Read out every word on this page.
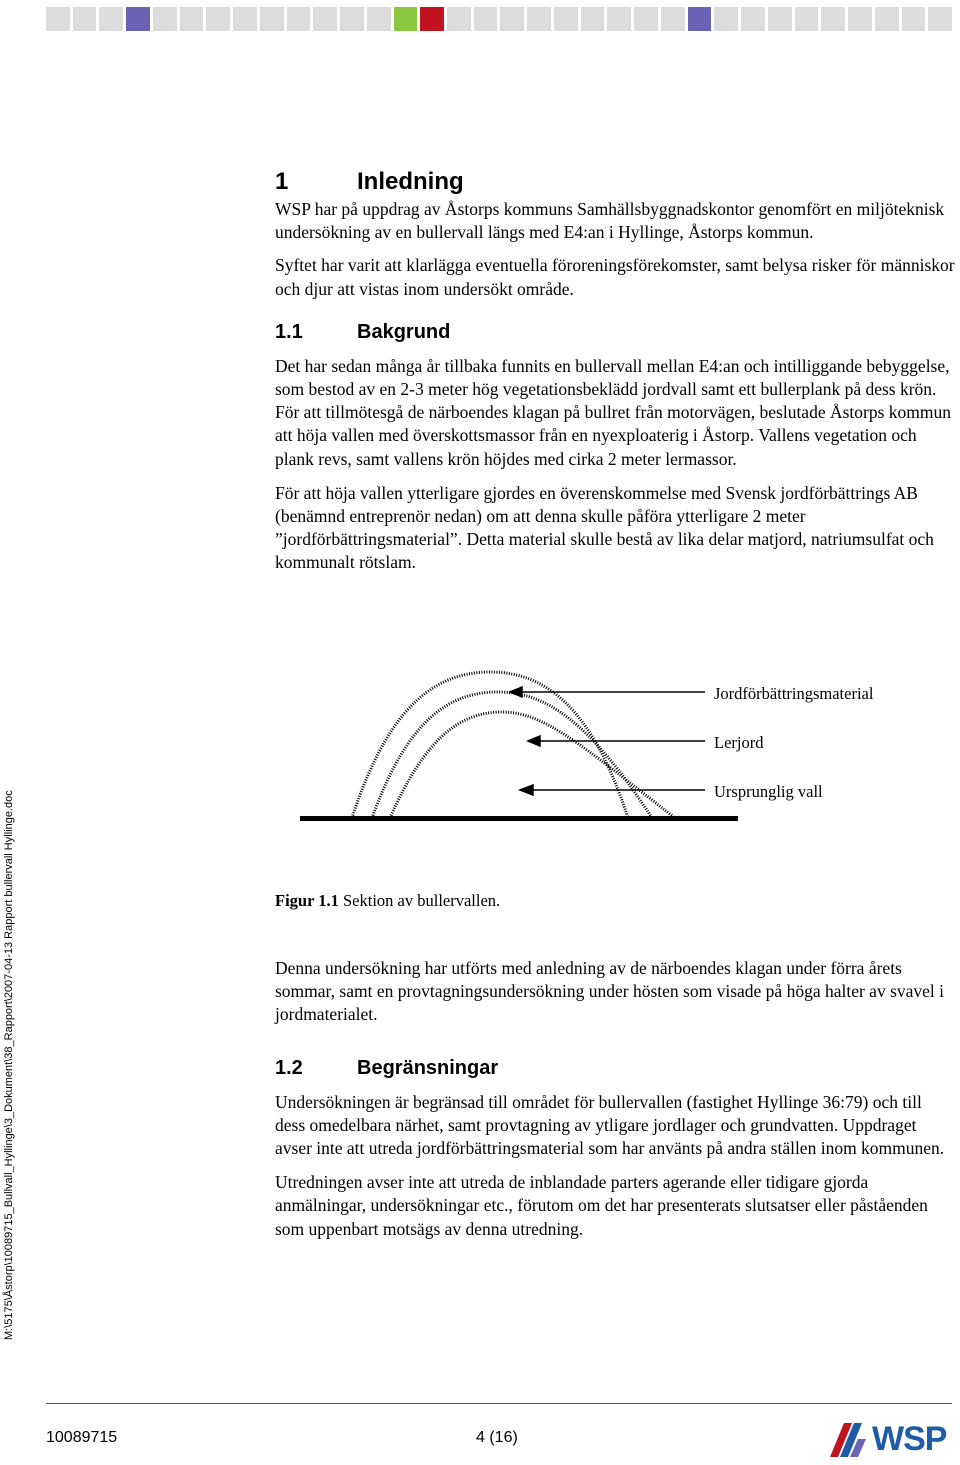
M:\5175\Åstorp\10089715_Bullvall_Hyllinge\3_Dokument\38_Rapport\2007-04-13 Rapport bullervall Hyllinge.doc
1	Inledning

WSP har på uppdrag av Åstorps kommuns Samhällsbyggnadskontor genomfört en miljöteknisk undersökning av en bullervall längs med E4:an i Hyllinge, Åstorps kommun.

Syftet har varit att klarlägga eventuella föroreningsförekomster, samt belysa risker för människor och djur att vistas inom undersökt område.

1.1	Bakgrund

Det har sedan många år tillbaka funnits en bullervall mellan E4:an och intilliggande bebyggelse, som bestod av en 2-3 meter hög vegetationsbeklädd jordvall samt ett bullerplank på dess krön. För att tillmötesgå de närboendes klagan på bullret från motorvägen, beslutade Åstorps kommun att höja vallen med överskottsmassor från en nyexploaterig i Åstorp. Vallens vegetation och plank revs, samt vallens krön höjdes med cirka 2 meter lermassor.

För att höja vallen ytterligare gjordes en överenskommelse med Svensk jordförbättrings AB (benämnd entreprenör nedan) om att denna skulle påföra ytterligare 2 meter ”jordförbättringsmaterial”. Detta material skulle bestå av lika delar matjord, natriumsulfat och kommunalt rötslam.

Jordförbättringsmaterial
Lerjord
Ursprunglig vall
Figur 1.1 Sektion av bullervallen.

Denna undersökning har utförts med anledning av de närboendes klagan under förra årets sommar, samt en provtagningsundersökning under hösten som visade på höga halter av svavel i jordmaterialet.

1.2	Begränsningar

Undersökningen är begränsad till området för bullervallen (fastighet Hyllinge 36:79) och till dess omedelbara närhet, samt provtagning av ytligare jordlager och grundvatten. Uppdraget avser inte att utreda jordförbättringsmaterial som har använts på andra ställen inom kommunen.

Utredningen avser inte att utreda de inblandade parters agerande eller tidigare gjorda anmälningar, undersökningar etc., förutom om det har presenterats slutsatser eller påståenden som uppenbart motsägs av denna utredning.

10089715	4 (16)	WSP
